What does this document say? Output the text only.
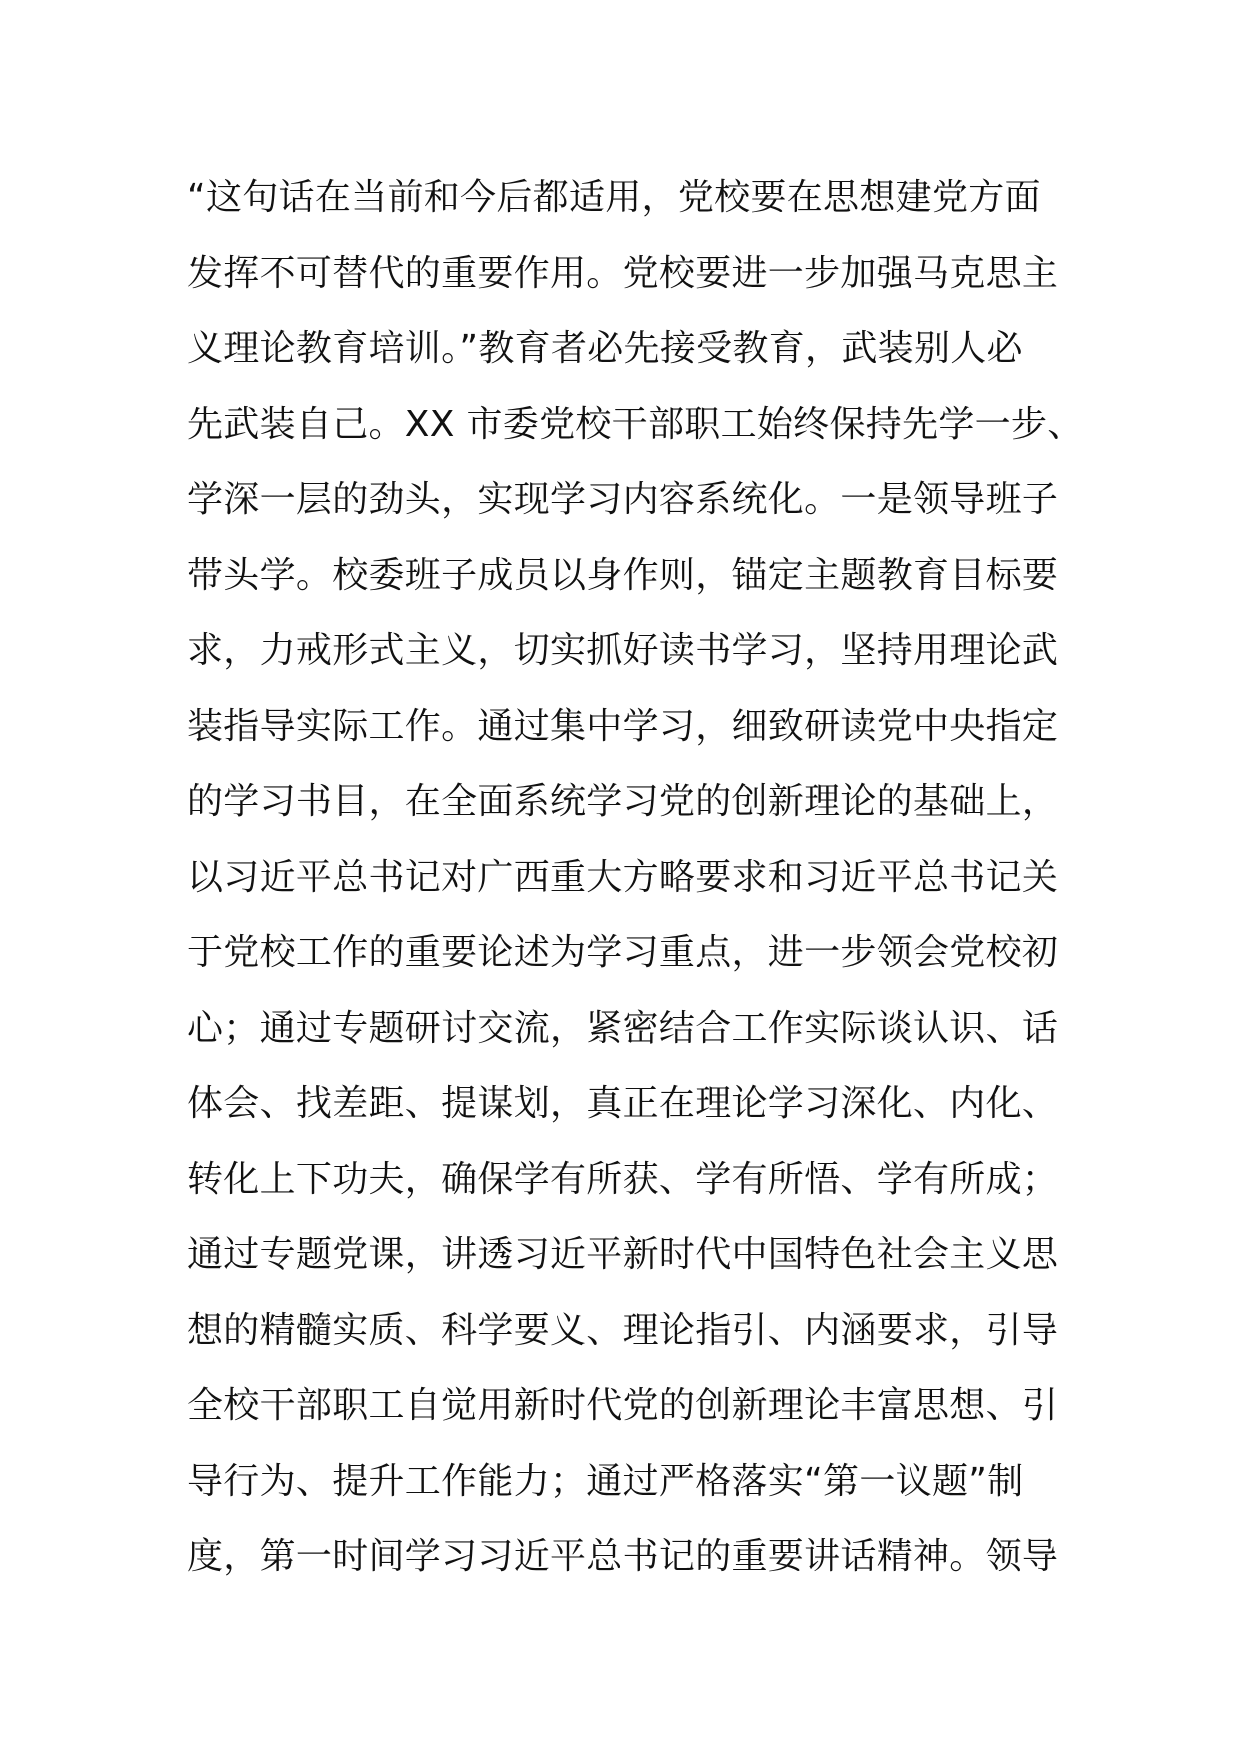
“这句话在当前和今后都适用，党校要在思想建党方面
发挥不可替代的重要作用。党校要进一步加强马克思主
义理论教育培训。”教育者必先接受教育，武装别人必
先武装自己。XX 市委党校干部职工始终保持先学一步、
学深一层的劲头，实现学习内容系统化。一是领导班子
带头学。校委班子成员以身作则，锚定主题教育目标要
求，力戒形式主义，切实抓好读书学习，坚持用理论武
装指导实际工作。通过集中学习，细致研读党中央指定
的学习书目，在全面系统学习党的创新理论的基础上，
以习近平总书记对广西重大方略要求和习近平总书记关
于党校工作的重要论述为学习重点，进一步领会党校初
心；通过专题研讨交流，紧密结合工作实际谈认识、话
体会、找差距、提谋划，真正在理论学习深化、内化、
转化上下功夫，确保学有所获、学有所悟、学有所成；
通过专题党课，讲透习近平新时代中国特色社会主义思
想的精髓实质、科学要义、理论指引、内涵要求，引导
全校干部职工自觉用新时代党的创新理论丰富思想、引
导行为、提升工作能力；通过严格落实“第一议题”制
度，第一时间学习习近平总书记的重要讲话精神。领导
